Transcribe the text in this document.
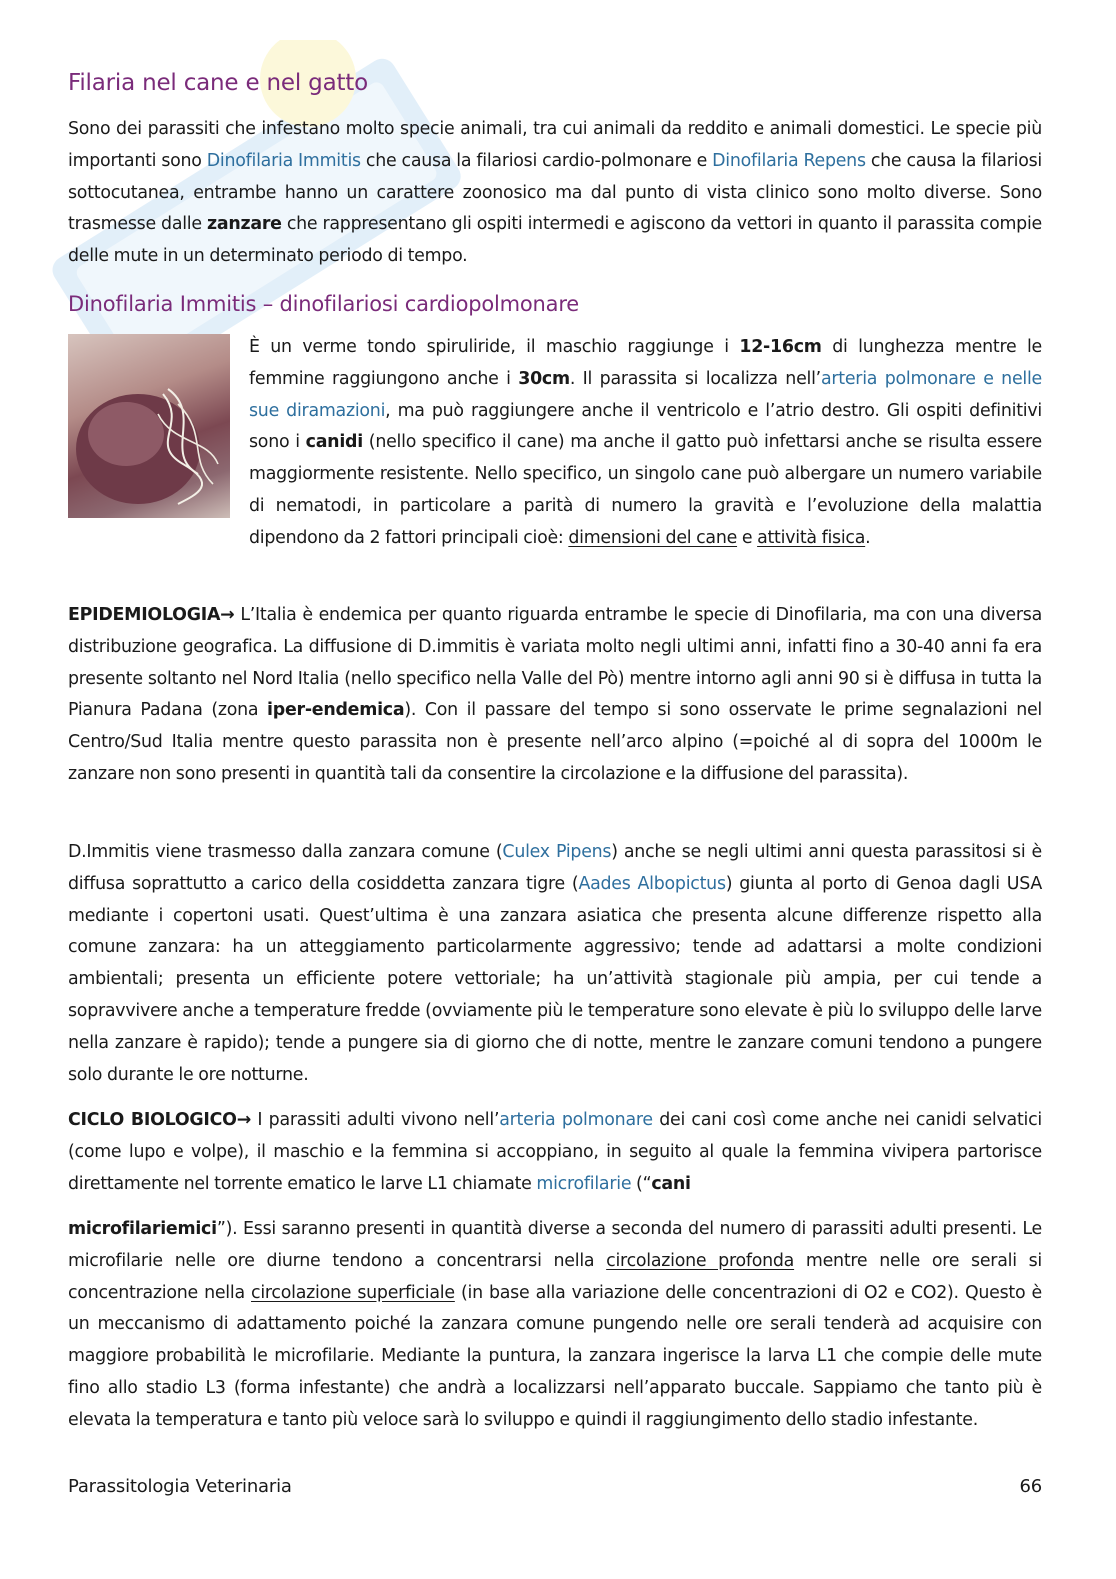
Filaria nel cane e nel gatto

Sono dei parassiti che infestano molto specie animali, tra cui animali da reddito e animali domestici. Le specie più importanti sono Dinofilaria Immitis che causa la filariosi cardio-polmonare e Dinofilaria Repens che causa la filariosi sottocutanea, entrambe hanno un carattere zoonosico ma dal punto di vista clinico sono molto diverse. Sono trasmesse dalle zanzare che rappresentano gli ospiti intermedi e agiscono da vettori in quanto il parassita compie delle mute in un determinato periodo di tempo.

Dinofilaria Immitis – dinofilariosi cardiopolmonare

È un verme tondo spiruliride, il maschio raggiunge i 12-16cm di lunghezza mentre le femmine raggiungono anche i 30cm. Il parassita si localizza nell’arteria polmonare e nelle sue diramazioni, ma può raggiungere anche il ventricolo e l’atrio destro. Gli ospiti definitivi sono i canidi (nello specifico il cane) ma anche il gatto può infettarsi anche se risulta essere maggiormente resistente. Nello specifico, un singolo cane può albergare un numero variabile di nematodi, in particolare a parità di numero la gravità e l’evoluzione della malattia dipendono da 2 fattori principali cioè: dimensioni del cane e attività fisica.

EPIDEMIOLOGIA→ L’Italia è endemica per quanto riguarda entrambe le specie di Dinofilaria, ma con una diversa distribuzione geografica. La diffusione di D.immitis è variata molto negli ultimi anni, infatti fino a 30-40 anni fa era presente soltanto nel Nord Italia (nello specifico nella Valle del Pò) mentre intorno agli anni 90 si è diffusa in tutta la Pianura Padana (zona iper-endemica). Con il passare del tempo si sono osservate le prime segnalazioni nel Centro/Sud Italia mentre questo parassita non è presente nell’arco alpino (=poiché al di sopra del 1000m le zanzare non sono presenti in quantità tali da consentire la circolazione e la diffusione del parassita).

D.Immitis viene trasmesso dalla zanzara comune (Culex Pipens) anche se negli ultimi anni questa parassitosi si è diffusa soprattutto a carico della cosiddetta zanzara tigre (Aades Albopictus) giunta al porto di Genoa dagli USA mediante i copertoni usati. Quest’ultima è una zanzara asiatica che presenta alcune differenze rispetto alla comune zanzara: ha un atteggiamento particolarmente aggressivo; tende ad adattarsi a molte condizioni ambientali; presenta un efficiente potere vettoriale; ha un’attività stagionale più ampia, per cui tende a sopravvivere anche a temperature fredde (ovviamente più le temperature sono elevate è più lo sviluppo delle larve nella zanzare è rapido); tende a pungere sia di giorno che di notte, mentre le zanzare comuni tendono a pungere solo durante le ore notturne.

CICLO BIOLOGICO→ I parassiti adulti vivono nell’arteria polmonare dei cani così come anche nei canidi selvatici (come lupo e volpe), il maschio e la femmina si accoppiano, in seguito al quale la femmina vivipera partorisce direttamente nel torrente ematico le larve L1 chiamate microfilarie (“cani

microfilariemici”). Essi saranno presenti in quantità diverse a seconda del numero di parassiti adulti presenti. Le microfilarie nelle ore diurne tendono a concentrarsi nella circolazione profonda mentre nelle ore serali si concentrazione nella circolazione superficiale (in base alla variazione delle concentrazioni di O2 e CO2). Questo è un meccanismo di adattamento poiché la zanzara comune pungendo nelle ore serali tenderà ad acquisire con maggiore probabilità le microfilarie. Mediante la puntura, la zanzara ingerisce la larva L1 che compie delle mute fino allo stadio L3 (forma infestante) che andrà a localizzarsi nell’apparato buccale. Sappiamo che tanto più è elevata la temperatura e tanto più veloce sarà lo sviluppo e quindi il raggiungimento dello stadio infestante.

Parassitologia Veterinaria	66
